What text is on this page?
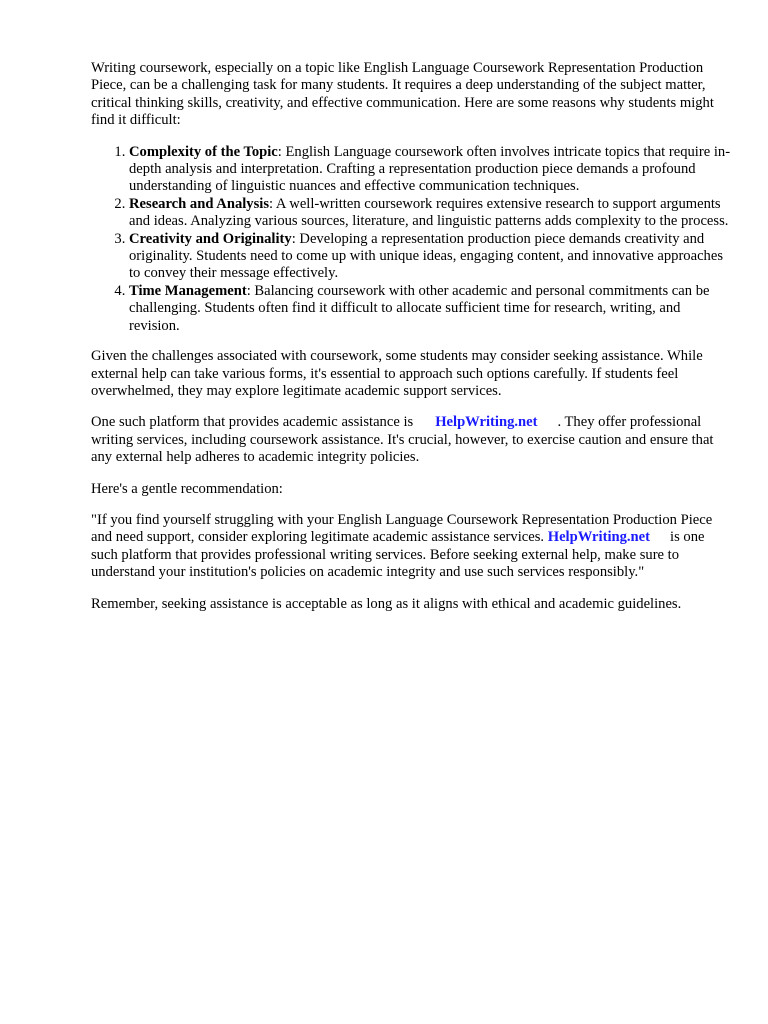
Writing coursework, especially on a topic like English Language Coursework Representation Production Piece, can be a challenging task for many students. It requires a deep understanding of the subject matter, critical thinking skills, creativity, and effective communication. Here are some reasons why students might find it difficult:

1. Complexity of the Topic: English Language coursework often involves intricate topics that require in-depth analysis and interpretation. Crafting a representation production piece demands a profound understanding of linguistic nuances and effective communication techniques.
2. Research and Analysis: A well-written coursework requires extensive research to support arguments and ideas. Analyzing various sources, literature, and linguistic patterns adds complexity to the process.
3. Creativity and Originality: Developing a representation production piece demands creativity and originality. Students need to come up with unique ideas, engaging content, and innovative approaches to convey their message effectively.
4. Time Management: Balancing coursework with other academic and personal commitments can be challenging. Students often find it difficult to allocate sufficient time for research, writing, and revision.

Given the challenges associated with coursework, some students may consider seeking assistance. While external help can take various forms, it's essential to approach such options carefully. If students feel overwhelmed, they may explore legitimate academic support services.

One such platform that provides academic assistance is HelpWriting.net . They offer professional writing services, including coursework assistance. It's crucial, however, to exercise caution and ensure that any external help adheres to academic integrity policies.

Here's a gentle recommendation:

"If you find yourself struggling with your English Language Coursework Representation Production Piece and need support, consider exploring legitimate academic assistance services. HelpWriting.net is one such platform that provides professional writing services. Before seeking external help, make sure to understand your institution's policies on academic integrity and use such services responsibly."

Remember, seeking assistance is acceptable as long as it aligns with ethical and academic guidelines.
